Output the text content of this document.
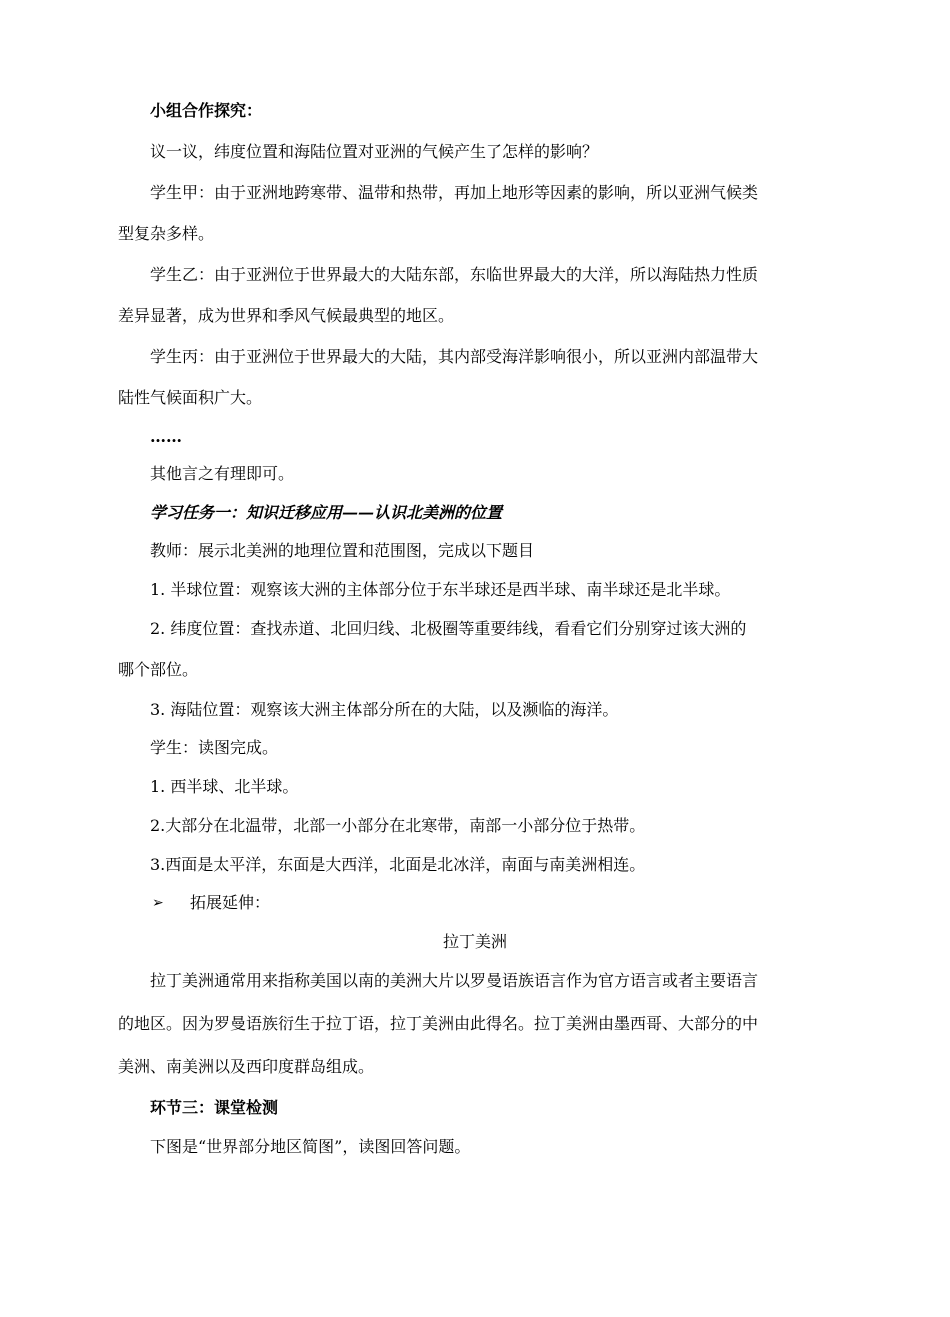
小组合作探究：
议一议，纬度位置和海陆位置对亚洲的气候产生了怎样的影响？
学生甲：由于亚洲地跨寒带、温带和热带，再加上地形等因素的影响，所以亚洲气候类
型复杂多样。
学生乙：由于亚洲位于世界最大的大陆东部，东临世界最大的大洋，所以海陆热力性质
差异显著，成为世界和季风气候最典型的地区。
学生丙：由于亚洲位于世界最大的大陆，其内部受海洋影响很小，所以亚洲内部温带大
陆性气候面积广大。
……
其他言之有理即可。
学习任务一：知识迁移应用——认识北美洲的位置
教师：展示北美洲的地理位置和范围图，完成以下题目
1. 半球位置：观察该大洲的主体部分位于东半球还是西半球、南半球还是北半球。
2. 纬度位置：查找赤道、北回归线、北极圈等重要纬线，看看它们分别穿过该大洲的
哪个部位。
3. 海陆位置：观察该大洲主体部分所在的大陆，以及濒临的海洋。
学生：读图完成。
1. 西半球、北半球。
2.大部分在北温带，北部一小部分在北寒带，南部一小部分位于热带。
3.西面是太平洋，东面是大西洋，北面是北冰洋，南面与南美洲相连。
➢ 拓展延伸：
拉丁美洲
拉丁美洲通常用来指称美国以南的美洲大片以罗曼语族语言作为官方语言或者主要语言
的地区。因为罗曼语族衍生于拉丁语，拉丁美洲由此得名。拉丁美洲由墨西哥、大部分的中
美洲、南美洲以及西印度群岛组成。
环节三：课堂检测
下图是“世界部分地区简图”，读图回答问题。
